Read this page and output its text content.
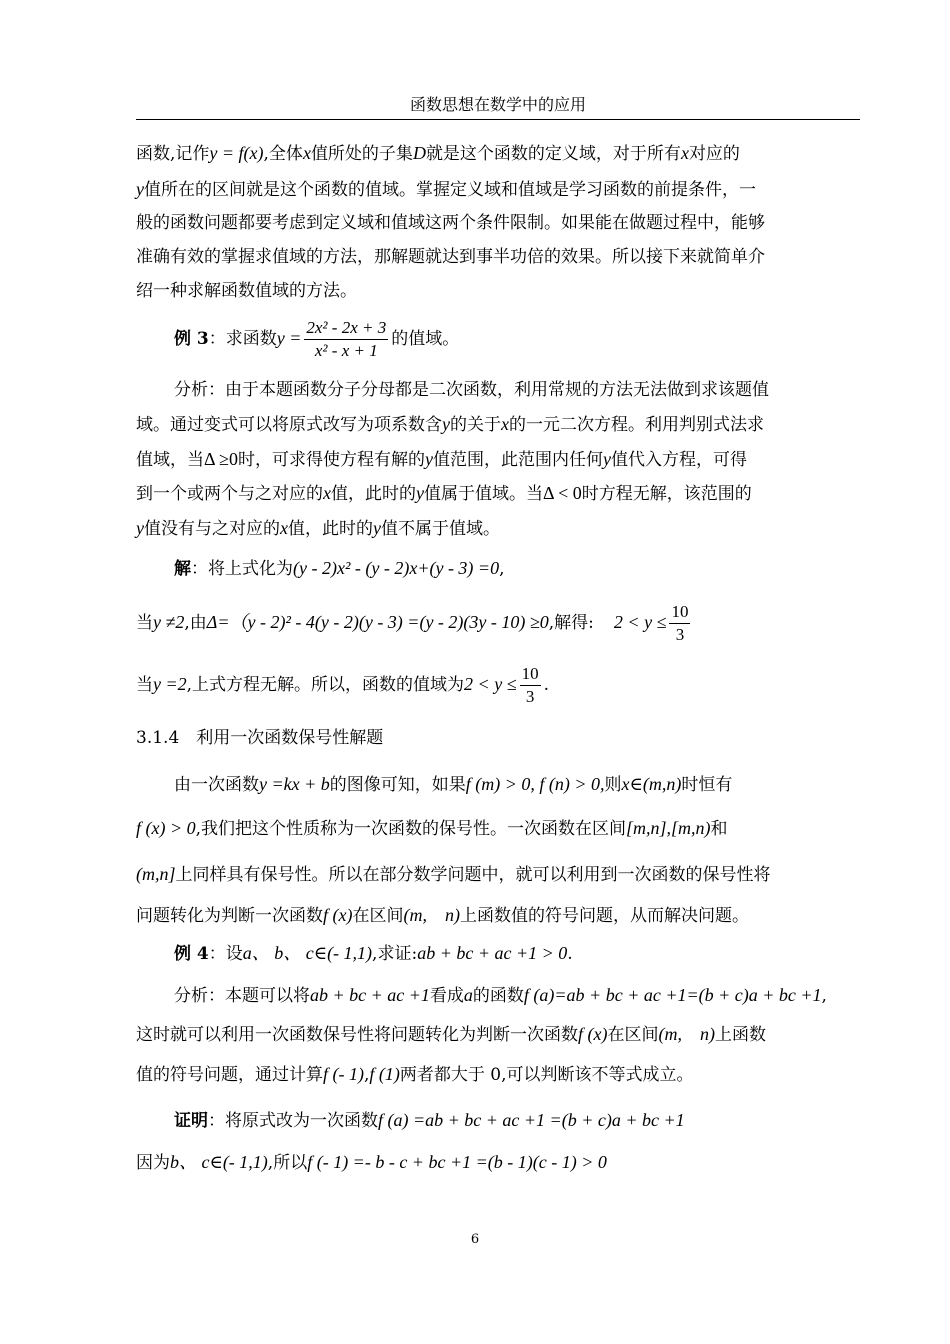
函数思想在数学中的应用
函数,记作y = f(x),全体x值所处的子集D就是这个函数的定义域，对于所有x对应的
y值所在的区间就是这个函数的值域。掌握定义域和值域是学习函数的前提条件，一
般的函数问题都要考虑到定义域和值域这两个条件限制。如果能在做题过程中，能够
准确有效的掌握求值域的方法，那解题就达到事半功倍的效果。所以接下来就简单介
绍一种求解函数值域的方法。
例 3：求函数$y = \frac{\text{2x² - 2x + 3}}{\text{x² - x + 1}}$ 的值域。
分析：由于本题函数分子分母都是二次函数，利用常规的方法无法做到求该题值
域。通过变式可以将原式改写为项系数含y的关于x的一元二次方程。利用判别式法求
值域，当Δ ≥0时，可求得使方程有解的y值范围，此范围内任何y值代入方程，可得
到一个或两个与之对应的x值，此时的y值属于值域。当Δ < 0时方程无解，该范围的
y值没有与之对应的x值，此时的y值不属于值域。
解：将上式化为(y - 2)x² - (y - 2)x+(y - 3) =0,
当y ≠2,由Δ=（y - 2)² - 4(y - 2)(y - 3) =(y - 2)(3y - 10) ≥0,解得: $2 < y \le \frac{10}{3}$
当y =2,上式方程无解。所以，函数的值域为$2 < y \le \frac{10}{3}$ .
3.1.4　利用一次函数保号性解题
由一次函数y =kx + b的图像可知，如果f (m) > 0, f (n) > 0,则x∈(m,n)时恒有
f (x) > 0,我们把这个性质称为一次函数的保号性。一次函数在区间[m,n],[m,n)和
(m,n]上同样具有保号性。所以在部分数学问题中，就可以利用到一次函数的保号性将
问题转化为判断一次函数f (x)在区间(m,　n)上函数值的符号问题，从而解决问题。
例 4：设a、 b、 c∈(- 1,1),求证:ab + bc + ac +1 > 0.
分析：本题可以将ab + bc + ac +1看成a的函数f (a)=ab + bc + ac +1=(b + c)a + bc +1,
这时就可以利用一次函数保号性将问题转化为判断一次函数f (x)在区间(m,　n)上函数
值的符号问题，通过计算f (- 1),f (1)两者都大于 0,可以判断该不等式成立。
证明：将原式改为一次函数f (a) =ab + bc + ac +1 =(b + c)a + bc +1
因为b、 c∈(- 1,1),所以f (- 1) =- b - c + bc +1 =(b - 1)(c - 1) > 0
6
